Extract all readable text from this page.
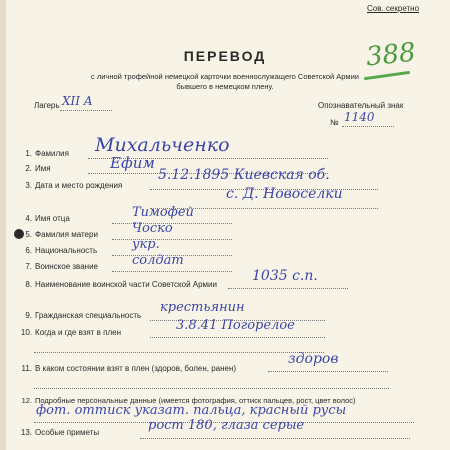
Сов. секретно
388
ПЕРЕВОД
с личной трофейной немецкой карточки военнослужащего Советской Армии
бывшего в немецком плену.
Лагерь XII A	Опознавательный знак
№ 1140
1. Фамилия Михальченко
2. Имя	Ефим
3. Дата и место рождения
5.12.1895 Киевская об.
с. Д. Новоселки
4. Имя отца	Тимофей
5. Фамилия матери	Чоско
6. Национальность	укр.
7. Воинское звание	солдат
8. Наименование воинской части Советской Армии
1035 с.п.
9. Гражданская специальность
крестьянин
10. Когда и где взят в плен	3.8.41 Погорелое
11. В каком состоянии взят в плен (здоров, болен, ранен)
здоров
12. Подробные персональные данные (имеется фотография, оттиск пальцев, рост, цвет волос)
фот. оттиск указат. пальца, красный русы
13. Особые приметы	рост 180, глаза серые
